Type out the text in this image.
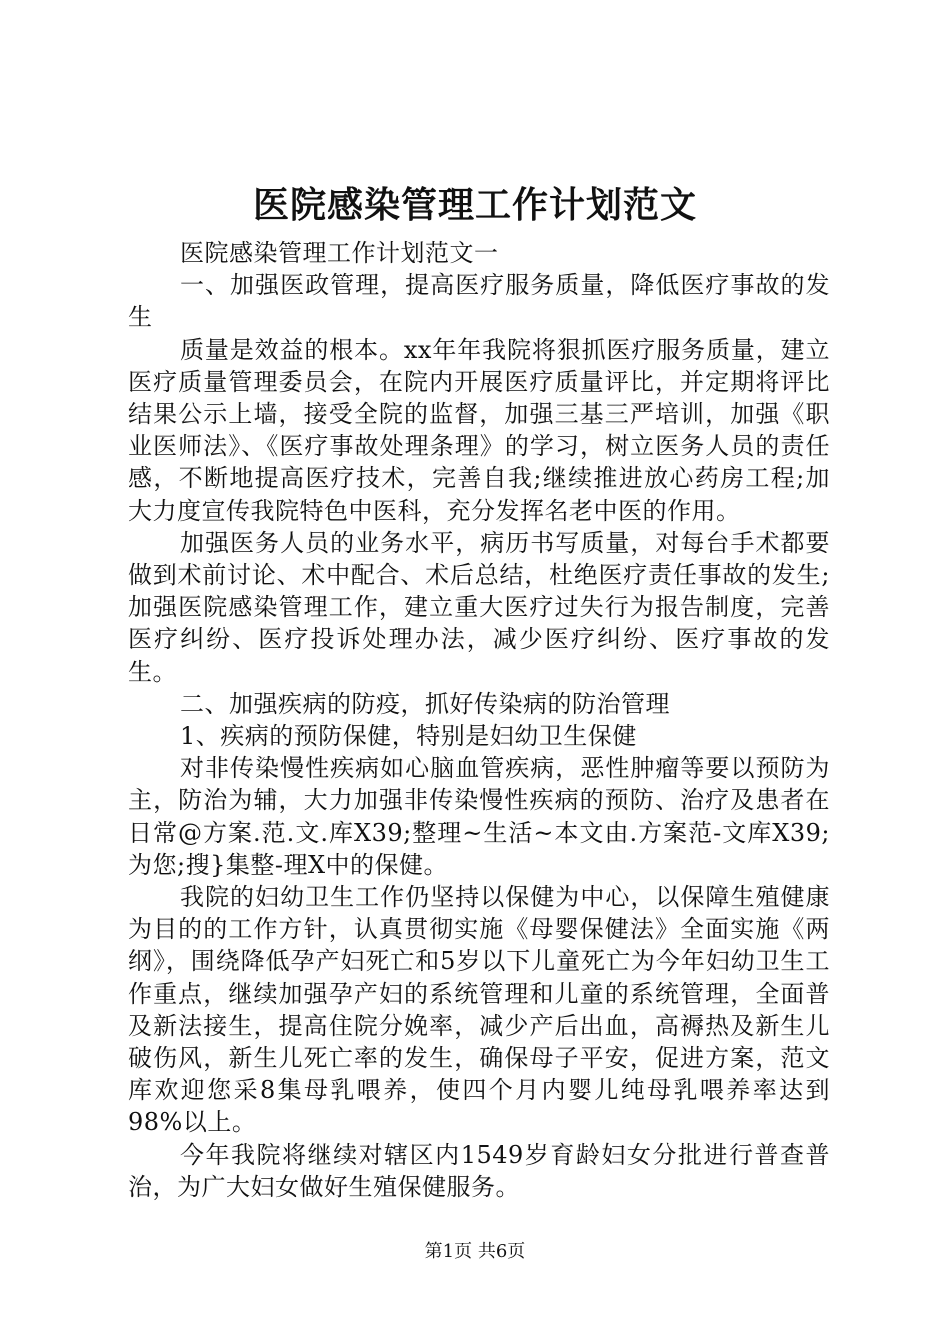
医院感染管理工作计划范文

医院感染管理工作计划范文一

一、加强医政管理，提高医疗服务质量，降低医疗事故的发生

质量是效益的根本。xx年年我院将狠抓医疗服务质量，建立医疗质量管理委员会，在院内开展医疗质量评比，并定期将评比结果公示上墙，接受全院的监督，加强三基三严培训，加强《职业医师法》、《医疗事故处理条理》的学习，树立医务人员的责任感，不断地提高医疗技术，完善自我;继续推进放心药房工程;加大力度宣传我院特色中医科，充分发挥名老中医的作用。

加强医务人员的业务水平，病历书写质量，对每台手术都要做到术前讨论、术中配合、术后总结，杜绝医疗责任事故的发生;加强医院感染管理工作，建立重大医疗过失行为报告制度，完善医疗纠纷、医疗投诉处理办法，减少医疗纠纷、医疗事故的发生。

二、加强疾病的防疫，抓好传染病的防治管理

1、疾病的预防保健，特别是妇幼卫生保健

对非传染慢性疾病如心脑血管疾病，恶性肿瘤等要以预防为主，防治为辅，大力加强非传染慢性疾病的预防、治疗及患者在日常@方案.范.文.库X39;整理~生活~本文由.方案范-文库X39;为您;搜}集整-理X中的保健。

我院的妇幼卫生工作仍坚持以保健为中心，以保障生殖健康为目的的工作方针，认真贯彻实施《母婴保健法》全面实施《两纲》，围绕降低孕产妇死亡和5岁以下儿童死亡为今年妇幼卫生工作重点，继续加强孕产妇的系统管理和儿童的系统管理，全面普及新法接生，提高住院分娩率，减少产后出血，高褥热及新生儿破伤风，新生儿死亡率的发生，确保母子平安，促进方案，范文库欢迎您采8集母乳喂养，使四个月内婴儿纯母乳喂养率达到98%以上。

今年我院将继续对辖区内1549岁育龄妇女分批进行普查普治，为广大妇女做好生殖保健服务。

第1页 共6页
